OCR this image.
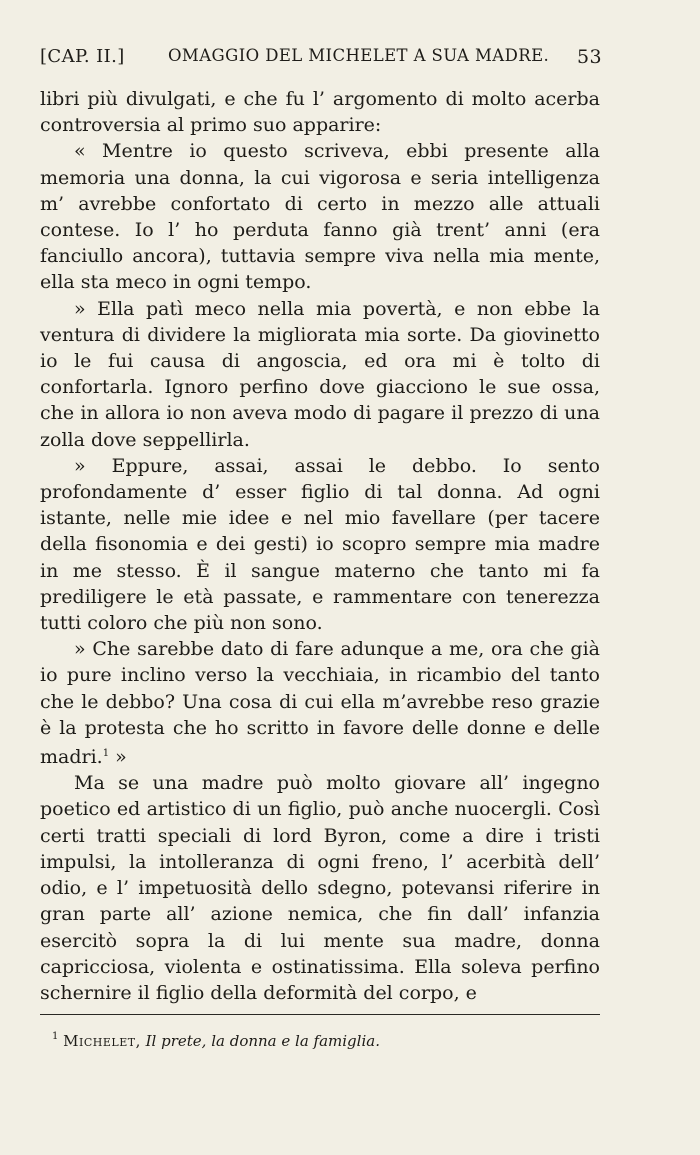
[CAP. II.]	OMAGGIO DEL MICHELET A SUA MADRE. 53

libri più divulgati, e che fu l’ argomento di molto acerba controversia al primo suo apparire:

« Mentre io questo scriveva, ebbi presente alla memoria una donna, la cui vigorosa e seria intelligenza m’ avrebbe confortato di certo in mezzo alle attuali contese. Io l’ ho perduta fanno già trent’ anni (era fanciullo ancora), tuttavia sempre viva nella mia mente, ella sta meco in ogni tempo.

» Ella patì meco nella mia povertà, e non ebbe la ventura di dividere la migliorata mia sorte. Da giovinetto io le fui causa di angoscia, ed ora mi è tolto di confortarla. Ignoro perfino dove giacciono le sue ossa, che in allora io non aveva modo di pagare il prezzo di una zolla dove seppellirla.

» Eppure, assai, assai le debbo. Io sento profondamente d’ esser figlio di tal donna. Ad ogni istante, nelle mie idee e nel mio favellare (per tacere della fisonomia e dei gesti) io scopro sempre mia madre in me stesso. È il sangue materno che tanto mi fa prediligere le età passate, e rammentare con tenerezza tutti coloro che più non sono.

» Che sarebbe dato di fare adunque a me, ora che già io pure inclino verso la vecchiaia, in ricambio del tanto che le debbo? Una cosa di cui ella m’avrebbe reso grazie è la protesta che ho scritto in favore delle donne e delle madri.$^1$ »

Ma se una madre può molto giovare all’ ingegno poetico ed artistico di un figlio, può anche nuocergli. Così certi tratti speciali di lord Byron, come a dire i tristi impulsi, la intolleranza di ogni freno, l’ acerbità dell’ odio, e l’ impetuosità dello sdegno, potevansi riferire in gran parte all’ azione nemica, che fin dall’ infanzia esercitò sopra la di lui mente sua madre, donna capricciosa, violenta e ostinatissima. Ella soleva perfino schernire il figlio della deformità del corpo, e

$^1$ Michelet, Il prete, la donna e la famiglia.
